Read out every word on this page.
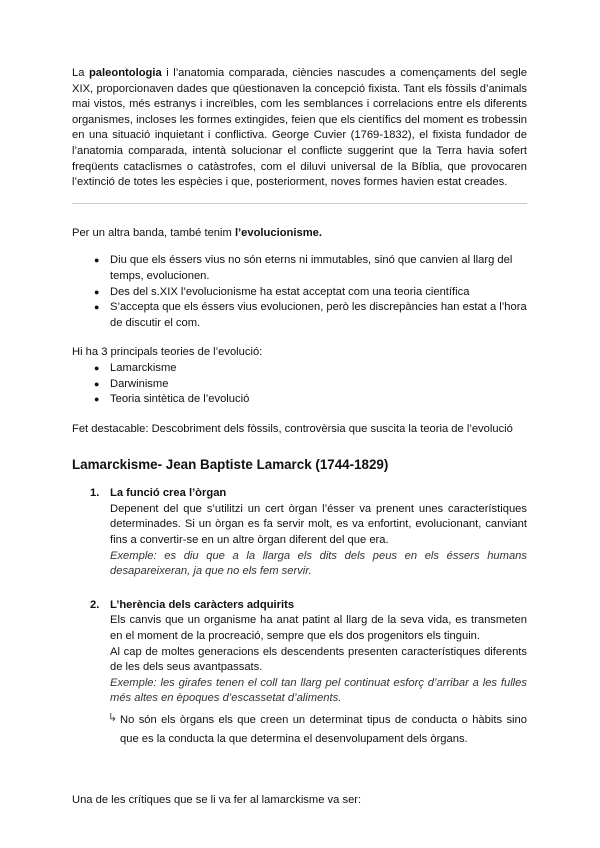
La paleontologia i l’anatomia comparada, ciències nascudes a començaments del segle XIX, proporcionaven dades que qüestionaven la concepció fixista. Tant els fòssils d’animals mai vistos, més estranys i increïbles, com les semblances i correlacions entre els diferents organismes, incloses les formes extingides, feien que els científics del moment es trobessin en una situació inquietant i conflictiva. George Cuvier (1769-1832), el fixista fundador de l’anatomia comparada, intentà solucionar el conflicte suggerint que la Terra havia sofert freqüents cataclismes o catàstrofes, com el diluvi universal de la Bíblia, que provocaren l’extinció de totes les espècies i que, posteriorment, noves formes havien estat creades.

Per un altra banda, també tenim l’evolucionisme.

● Diu que els éssers vius no són eterns ni immutables, sinó que canvien al llarg del temps, evolucionen.
● Des del s.XIX l’evolucionisme ha estat acceptat com una teoria científica
● S’accepta que els éssers vius evolucionen, però les discrepàncies han estat a l’hora de discutir el com.

Hi ha 3 principals teories de l’evolució:

● Lamarckisme
● Darwinisme
● Teoria sintètica de l’evolució

Fet destacable: Descobriment dels fòssils, controvèrsia que suscita la teoria de l’evolució

Lamarckisme- Jean Baptiste Lamarck (1744-1829)
1. La funció crea l’òrgan

Depenent del que s’utilitzi un cert òrgan l’ésser va prenent unes característiques determinades. Si un òrgan es fa servir molt, es va enfortint, evolucionant, canviant fins a convertir-se en un altre òrgan diferent del que era.

Exemple: es diu que a la llarga els dits dels peus en els éssers humans desapareixeran, ja que no els fem servir.

2. L’herència dels caràcters adquirits

Els canvis que un organisme ha anat patint al llarg de la seva vida, es transmeten en el moment de la procreació, sempre que els dos progenitors els tinguin.

Al cap de moltes generacions els descendents presenten característiques diferents de les dels seus avantpassats.

Exemple: les girafes tenen el coll tan llarg pel continuat esforç d’arribar a les fulles més altes en èpoques d’escassetat d’aliments.

↳ No són els òrgans els que creen un determinat tipus de conducta o hàbits sino que es la conducta la que determina el desenvolupament dels òrgans.

Una de les crítiques que se li va fer al lamarckisme va ser:
